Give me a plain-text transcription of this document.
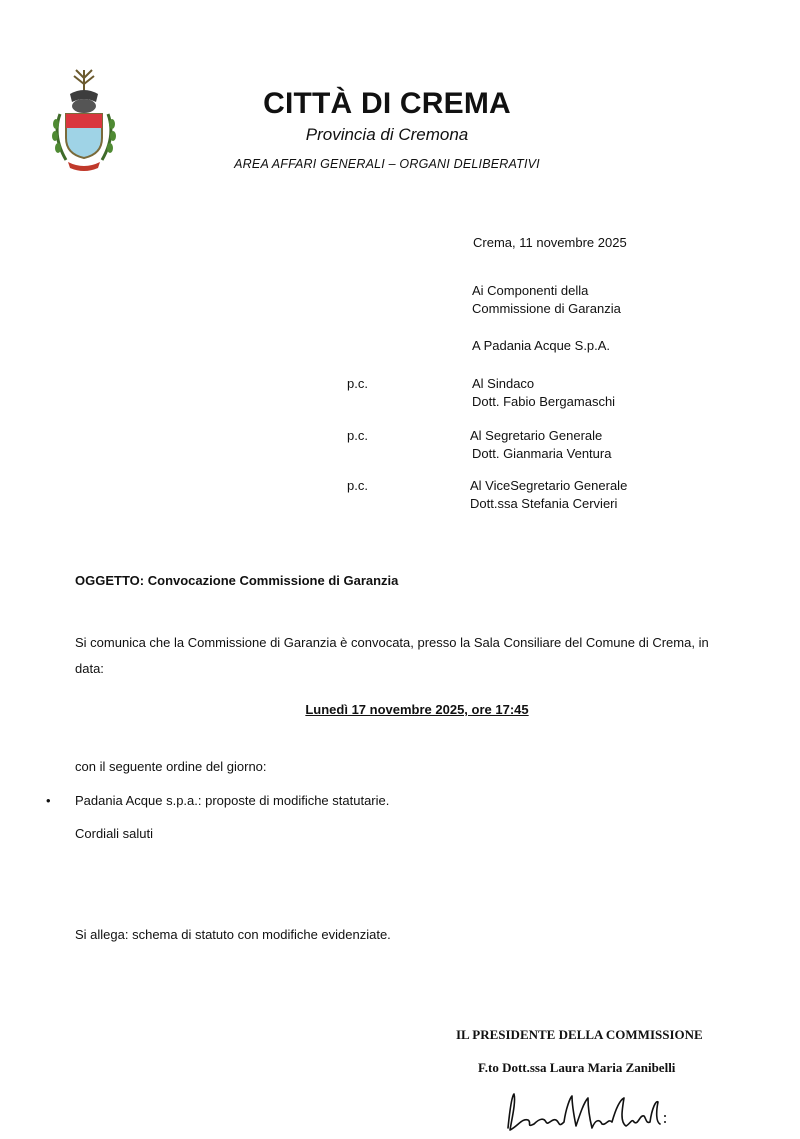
CITTÀ DI CREMA
Provincia di Cremona
AREA AFFARI GENERALI – ORGANI DELIBERATIVI
Crema, 11 novembre 2025
Ai Componenti della
Commissione di Garanzia
A Padania Acque S.p.A.
p.c.	Al Sindaco
Dott. Fabio Bergamaschi
p.c.	Al Segretario Generale
Dott. Gianmaria Ventura
p.c.	Al ViceSegretario Generale
Dott.ssa Stefania Cervieri
OGGETTO: Convocazione Commissione di Garanzia
Si comunica che la Commissione di Garanzia è convocata, presso la Sala Consiliare del Comune di Crema, in
data:
Lunedì 17 novembre 2025, ore 17:45
con il seguente ordine del giorno:
• Padania Acque s.p.a.: proposte di modifiche statutarie.
Cordiali saluti
Si allega: schema di statuto con modifiche evidenziate.
IL PRESIDENTE DELLA COMMISSIONE
F.to Dott.ssa Laura Maria Zanibelli
